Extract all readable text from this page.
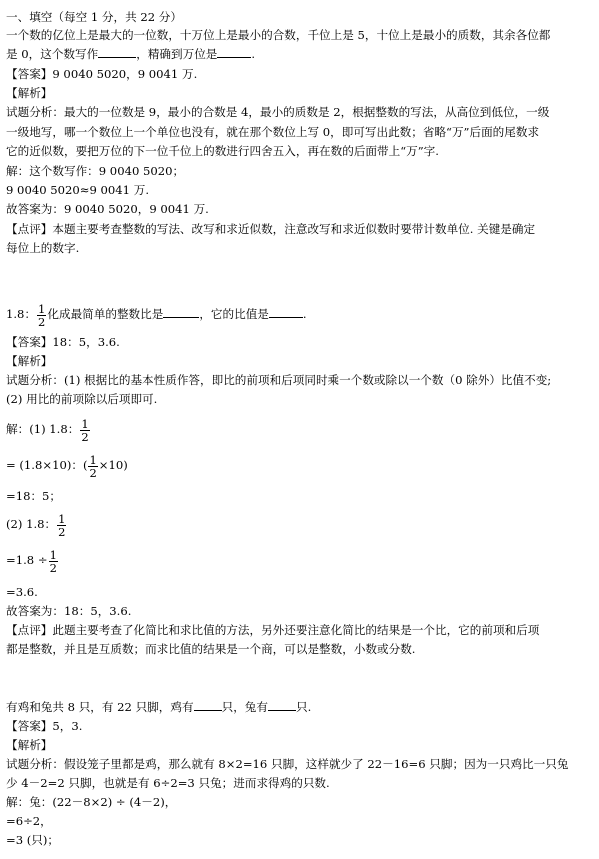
一、填空（每空 1 分，共 22 分）
一个数的亿位上是最大的一位数，十万位上是最小的合数，千位上是 5，十位上是最小的质数，其余各位都
是 0，这个数写作	，精确到万位是	.
【答案】9 0040 5020，9 0041 万.
【解析】
试题分析：最大的一位数是 9，最小的合数是 4，最小的质数是 2，根据整数的写法，从高位到低位，一级
一级地写，哪一个数位上一个单位也没有，就在那个数位上写 0，即可写出此数；省略“万”后面的尾数求
它的近似数，要把万位的下一位千位上的数进行四舍五入，再在数的后面带上“万”字.
解：这个数写作：9 0040 5020；
9 0040 5020≈9 0041 万.
故答案为：9 0040 5020，9 0041 万.
【点评】本题主要考查整数的写法、改写和求近似数，注意改写和求近似数时要带计数单位. 关键是确定
每位上的数字.
1.8： $\frac{1}{2}$ 化成最简单的整数比是	，它的比值是	.
【答案】18：5，3.6.
【解析】
试题分析：(1) 根据比的基本性质作答，即比的前项和后项同时乘一个数或除以一个数（0 除外）比值不变;
(2) 用比的前项除以后项即可.
解：(1) 1.8： $\frac{1}{2}$
= (1.8×10)：( $\frac{1}{2} \times 10$)
=18：5；
(2) 1.8： $\frac{1}{2}$
$=1.8 \div \frac{1}{2}$
=3.6.
故答案为：18：5，3.6.
【点评】此题主要考查了化简比和求比值的方法，另外还要注意化简比的结果是一个比，它的前项和后项
都是整数，并且是互质数；而求比值的结果是一个商，可以是整数，小数或分数.
有鸡和兔共 8 只，有 22 只脚，鸡有 只，兔有 只.
【答案】5，3.
【解析】
试题分析：假设笼子里都是鸡，那么就有 8×2=16 只脚，这样就少了 22－16=6 只脚；因为一只鸡比一只兔
少 4－2=2 只脚，也就是有 6÷2=3 只兔；进而求得鸡的只数.
解：兔：(22－8×2) ÷ (4－2)，
=6÷2，
=3 (只)；
